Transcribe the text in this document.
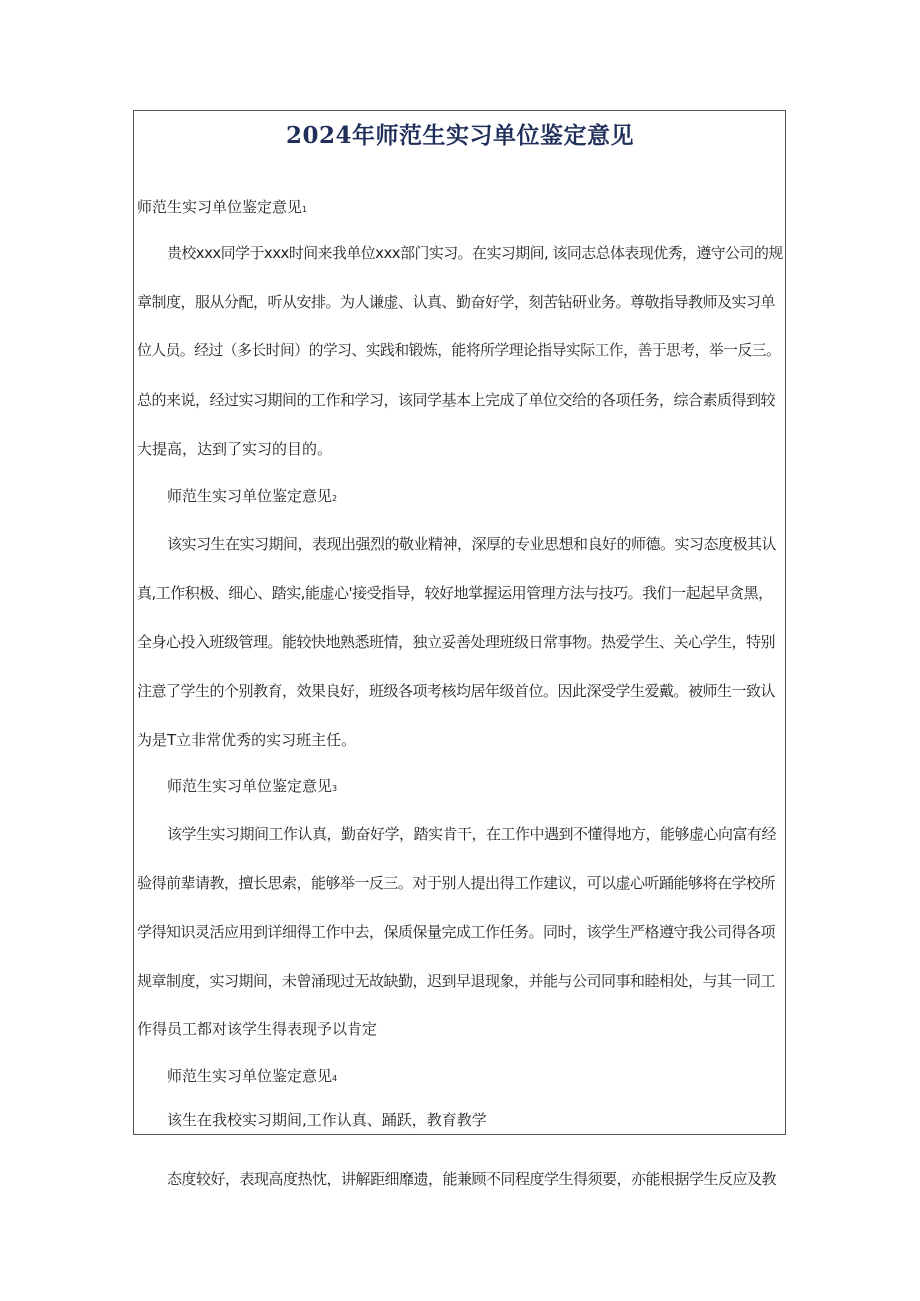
2024年师范生实习单位鉴定意见
师范生实习单位鉴定意见1
贵校xxx同学于xxx时间来我单位xxx部门实习。在实习期间, 该同志总体表现优秀，遵守公司的规
章制度，服从分配，听从安排。为人谦虚、认真、勤奋好学，刻苦钻研业务。尊敬指导教师及实习单
位人员。经过（多长时间）的学习、实践和锻炼，能将所学理论指导实际工作，善于思考，举一反三。
总的来说，经过实习期间的工作和学习，该同学基本上完成了单位交给的各项任务，综合素质得到较
大提高，达到了实习的目的。
师范生实习单位鉴定意见2
该实习生在实习期间，表现出强烈的敬业精神，深厚的专业思想和良好的师德。实习态度极其认
真,工作积极、细心、踏实,能虚心'接受指导，较好地掌握运用管理方法与技巧。我们一起起早贪黑，
全身心投入班级管理。能较快地熟悉班情，独立妥善处理班级日常事物。热爱学生、关心学生，特别
注意了学生的个别教育，效果良好，班级各项考核均居年级首位。因此深受学生爱戴。被师生一致认
为是T立非常优秀的实习班主任。
师范生实习单位鉴定意见3
该学生实习期间工作认真，勤奋好学，踏实肯干，在工作中遇到不懂得地方，能够虚心向富有经
验得前辈请教，擅长思索，能够举一反三。对于别人提出得工作建议，可以虚心听踊能够将在学校所
学得知识灵活应用到详细得工作中去，保质保量完成工作任务。同时，该学生严格遵守我公司得各项
规章制度，实习期间，未曾涌现过无故缺勤，迟到早退现象，并能与公司同事和睦相处，与其一同工
作得员工都对该学生得表现予以肯定
师范生实习单位鉴定意见4
该生在我校实习期间,工作认真、踊跃，教育教学
态度较好，表现高度热忱，讲解距细靡遗，能兼顾不同程度学生得须要，亦能根据学生反应及教
